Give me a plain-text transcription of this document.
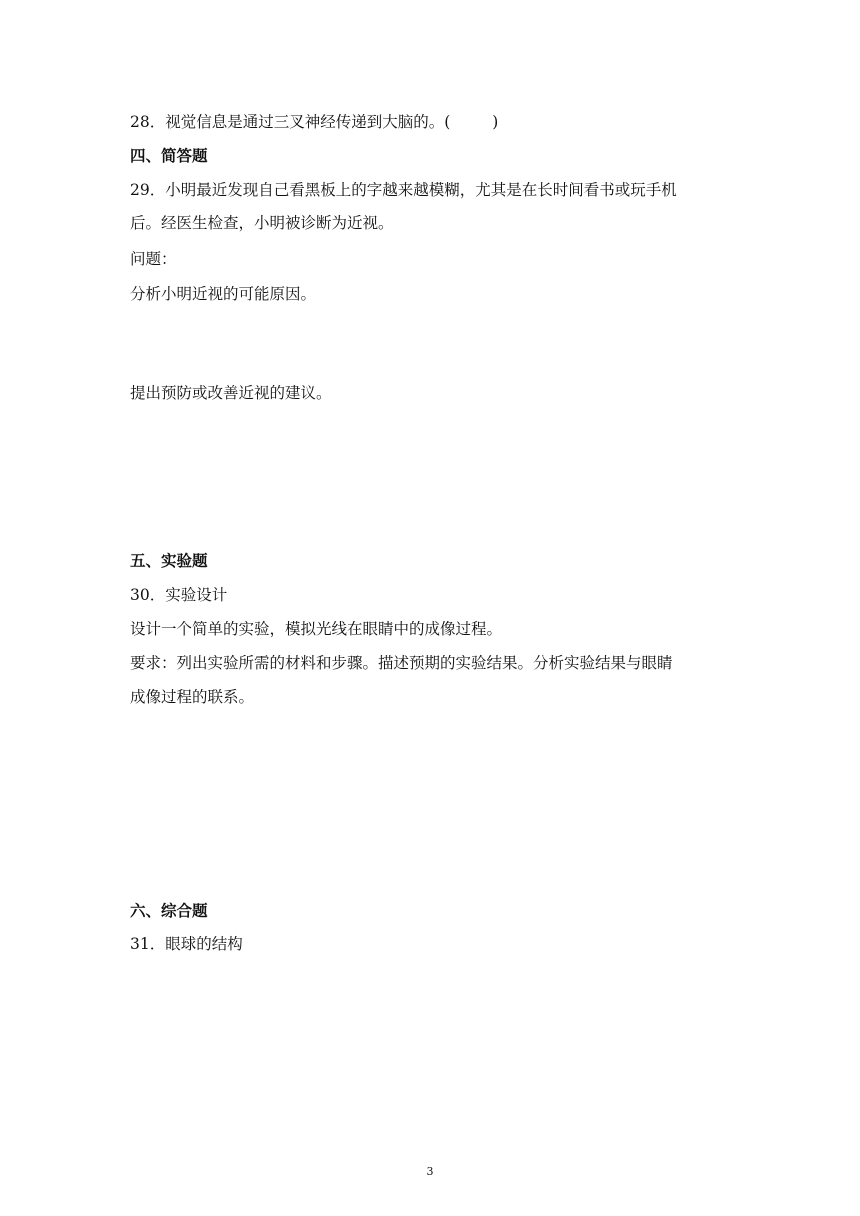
28．视觉信息是通过三叉神经传递到大脑的。(	)
四、简答题
29．小明最近发现自己看黑板上的字越来越模糊，尤其是在长时间看书或玩手机
后。经医生检查，小明被诊断为近视。
问题：
分析小明近视的可能原因。
提出预防或改善近视的建议。
五、实验题
30．实验设计
设计一个简单的实验，模拟光线在眼睛中的成像过程。
要求：列出实验所需的材料和步骤。描述预期的实验结果。分析实验结果与眼睛
成像过程的联系。
六、综合题
31．眼球的结构
3
